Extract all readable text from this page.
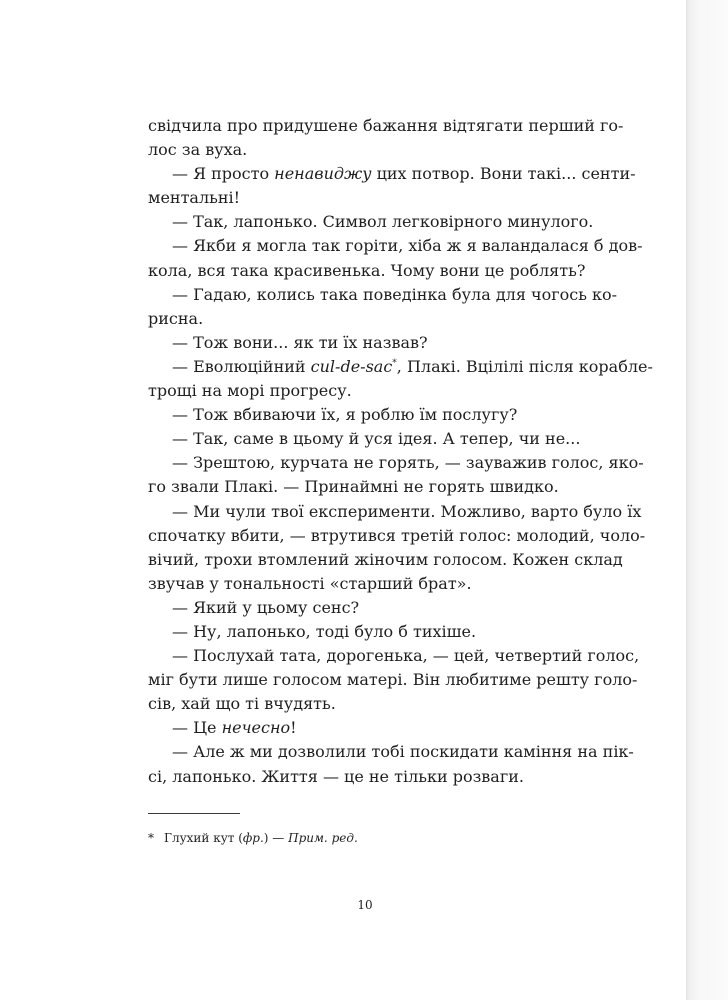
свідчила про придушене бажання відтягати перший го-
лос за вуха.
— Я просто ненавиджу цих потвор. Вони такі... сенти-
ментальні!
— Так, лапонько. Символ легковірного минулого.
— Якби я могла так горіти, хіба ж я валандалася б дов-
кола, вся така красивенька. Чому вони це роблять?
— Гадаю, колись така поведінка була для чогось ко-
рисна.
— Тож вони... як ти їх назвав?
— Еволюційний cul-de-sac*, Плакі. Вцілілі після корабле-
трощі на морі прогресу.
— Тож вбиваючи їх, я роблю їм послугу?
— Так, саме в цьому й уся ідея. А тепер, чи не...
— Зрештою, курчата не горять, — зауважив голос, яко-
го звали Плакі. — Принаймні не горять швидко.
— Ми чули твої експерименти. Можливо, варто було їх
спочатку вбити, — втрутився третій голос: молодий, чоло-
вічий, трохи втомлений жіночим голосом. Кожен склад
звучав у тональності «старший брат».
— Який у цьому сенс?
— Ну, лапонько, тоді було б тихіше.
— Послухай тата, дорогенька, — цей, четвертий голос,
міг бути лише голосом матері. Він любитиме решту голо-
сів, хай що ті вчудять.
— Це нечесно!
— Але ж ми дозволили тобі поскидати каміння на пік-
сі, лапонько. Життя — це не тільки розваги.
* Глухий кут (фр.) — Прим. ред.
10
